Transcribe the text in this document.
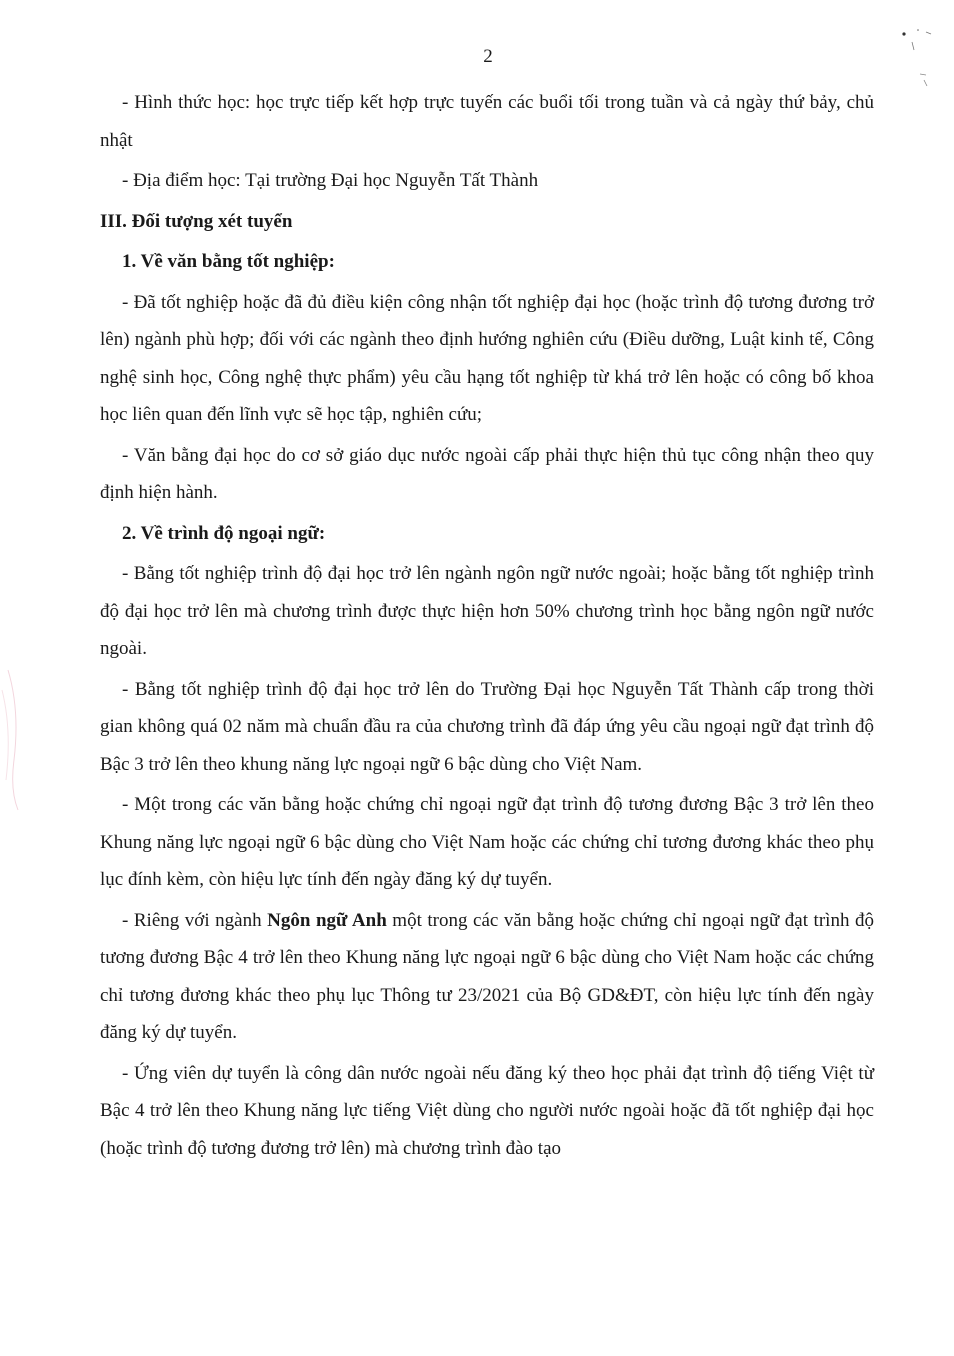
2

- Hình thức học: học trực tiếp kết hợp trực tuyến các buổi tối trong tuần và cả ngày thứ bảy, chủ nhật

- Địa điểm học: Tại trường Đại học Nguyễn Tất Thành

III. Đối tượng xét tuyển

1. Về văn bằng tốt nghiệp:

- Đã tốt nghiệp hoặc đã đủ điều kiện công nhận tốt nghiệp đại học (hoặc trình độ tương đương trở lên) ngành phù hợp; đối với các ngành theo định hướng nghiên cứu (Điều dưỡng, Luật kinh tế, Công nghệ sinh học, Công nghệ thực phẩm) yêu cầu hạng tốt nghiệp từ khá trở lên hoặc có công bố khoa học liên quan đến lĩnh vực sẽ học tập, nghiên cứu;

- Văn bằng đại học do cơ sở giáo dục nước ngoài cấp phải thực hiện thủ tục công nhận theo quy định hiện hành.

2. Về trình độ ngoại ngữ:

- Bằng tốt nghiệp trình độ đại học trở lên ngành ngôn ngữ nước ngoài; hoặc bằng tốt nghiệp trình độ đại học trở lên mà chương trình được thực hiện hơn 50% chương trình học bằng ngôn ngữ nước ngoài.

- Bằng tốt nghiệp trình độ đại học trở lên do Trường Đại học Nguyễn Tất Thành cấp trong thời gian không quá 02 năm mà chuẩn đầu ra của chương trình đã đáp ứng yêu cầu ngoại ngữ đạt trình độ Bậc 3 trở lên theo khung năng lực ngoại ngữ 6 bậc dùng cho Việt Nam.

- Một trong các văn bằng hoặc chứng chỉ ngoại ngữ đạt trình độ tương đương Bậc 3 trở lên theo Khung năng lực ngoại ngữ 6 bậc dùng cho Việt Nam hoặc các chứng chỉ tương đương khác theo phụ lục đính kèm, còn hiệu lực tính đến ngày đăng ký dự tuyển.

- Riêng với ngành Ngôn ngữ Anh một trong các văn bằng hoặc chứng chỉ ngoại ngữ đạt trình độ tương đương Bậc 4 trở lên theo Khung năng lực ngoại ngữ 6 bậc dùng cho Việt Nam hoặc các chứng chỉ tương đương khác theo phụ lục Thông tư 23/2021 của Bộ GD&ĐT, còn hiệu lực tính đến ngày đăng ký dự tuyển.

- Ứng viên dự tuyển là công dân nước ngoài nếu đăng ký theo học phải đạt trình độ tiếng Việt từ Bậc 4 trở lên theo Khung năng lực tiếng Việt dùng cho người nước ngoài hoặc đã tốt nghiệp đại học (hoặc trình độ tương đương trở lên) mà chương trình đào tạo
